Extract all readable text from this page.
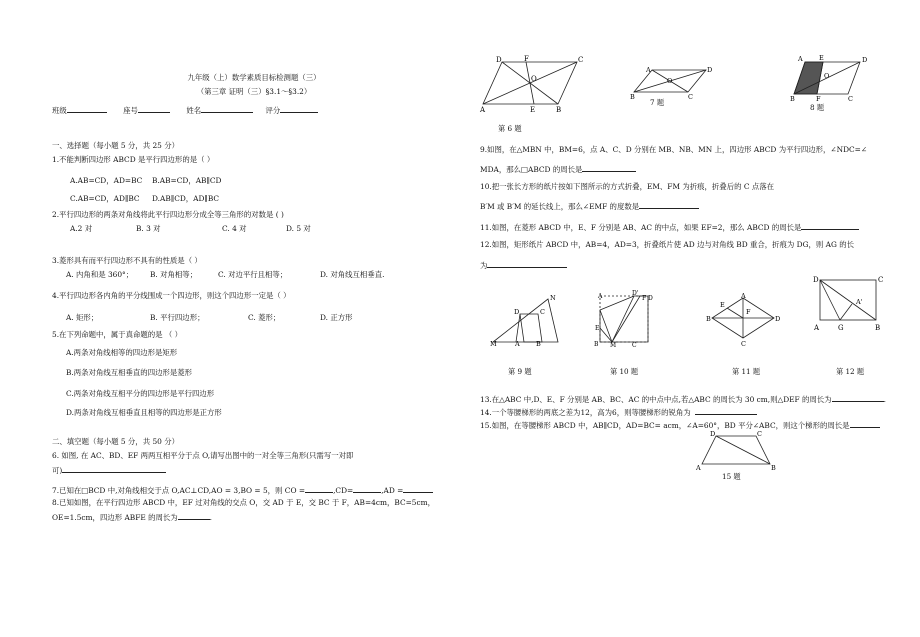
九年级（上）数学素质目标检测题（三）
（第三章 证明（三）§3.1～§3.2）
班级	座号	姓名	评分
一、选择题（每小题 5 分，共 25 分）
1.不能判断四边形 ABCD 是平行四边形的是（ ）
A.AB=CD，AD=BC B.AB=CD，AB∥CD
C.AB=CD，AD∥BC D.AB∥CD，AD∥BC
2.平行四边形的两条对角线将此平行四边形分成全等三角形的对数是 ( )
A.2 对	B. 3 对	C. 4 对	D. 5 对
3.菱形具有而平行四边形不具有的性质是（ ）
A. 内角和是 360°； B. 对角相等；	C. 对边平行且相等；	D. 对角线互相垂直.
4.平行四边形各内角的平分线围成一个四边形，则这个四边形一定是（ ）
A. 矩形；	B. 平行四边形；	C. 菱形；	D. 正方形
5.在下列命题中，属于真命题的是 （ ）
A.两条对角线相等的四边形是矩形
B.两条对角线互相垂直的四边形是菱形
C.两条对角线互相平分的四边形是平行四边形
D.两条对角线互相垂直且相等的四边形是正方形
二、填空题（每小题 5 分，共 50 分）
6. 如图, 在 AC、BD、EF 两两互相平分于点 O,请写出图中的一对全等三角形(只需写一对即
可)
7.已知在□BCD 中,对角线相交于点 O,AC⊥CD,AO = 3,BO = 5，则 CO =	,CD=	,AD =
8.已知如图，在平行四边形 ABCD 中，EF 过对角线的交点 O，交 AD 于 E，交 BC 于 F，AB=4cm，BC=5cm，
OE=1.5cm，四边形 ABFE 的周长为	.
D	F	C
O
A	E	B
第 6 题
A	D
O
B	C
7 题
A	E	D
O
B	F	C
8 题
9.如图，在△MBN 中，BM=6，点 A、C、D 分别在 MB、NB、MN 上，四边形 ABCD 为平行四边形，∠NDC=∠
MDA，那么□ABCD 的周长是
10.把一张长方形的纸片按如下图所示的方式折叠，EM、FM 为折痕，折叠后的 C 点落在
B′M 或 B′M 的延长线上，那么∠EMF 的度数是
11.如图，在菱形 ABCD 中，E、F 分别是 AB、AC 的中点，如果 EF=2，那么 ABCD 的周长是
12.如图，矩形纸片 ABCD 中，AB=4，AD=3，折叠纸片使 AD 边与对角线 BD 重合，折痕为 DG，则 AG 的长
为
M	A	B
N
D	C
第 9 题
A	D'
F D
E
B M	C
第 10 题
A
E
F
B	D
C
第 11 题
D	C
A'
A	G	B
第 12 题
13.在△ABC 中,D、E、F 分别是 AB、BC、AC 的中点中点,若△ABC 的周长为 30 cm,则△DEF 的周长为	.
14.一个等腰梯形的两底之差为12，高为6，则等腰梯形的锐角为
15.如图，在等腰梯形 ABCD 中，AB∥CD，AD=BC= acm，∠A=60°，BD 平分∠ABC，则这个梯形的周长是
D	C
A	B
15 题
